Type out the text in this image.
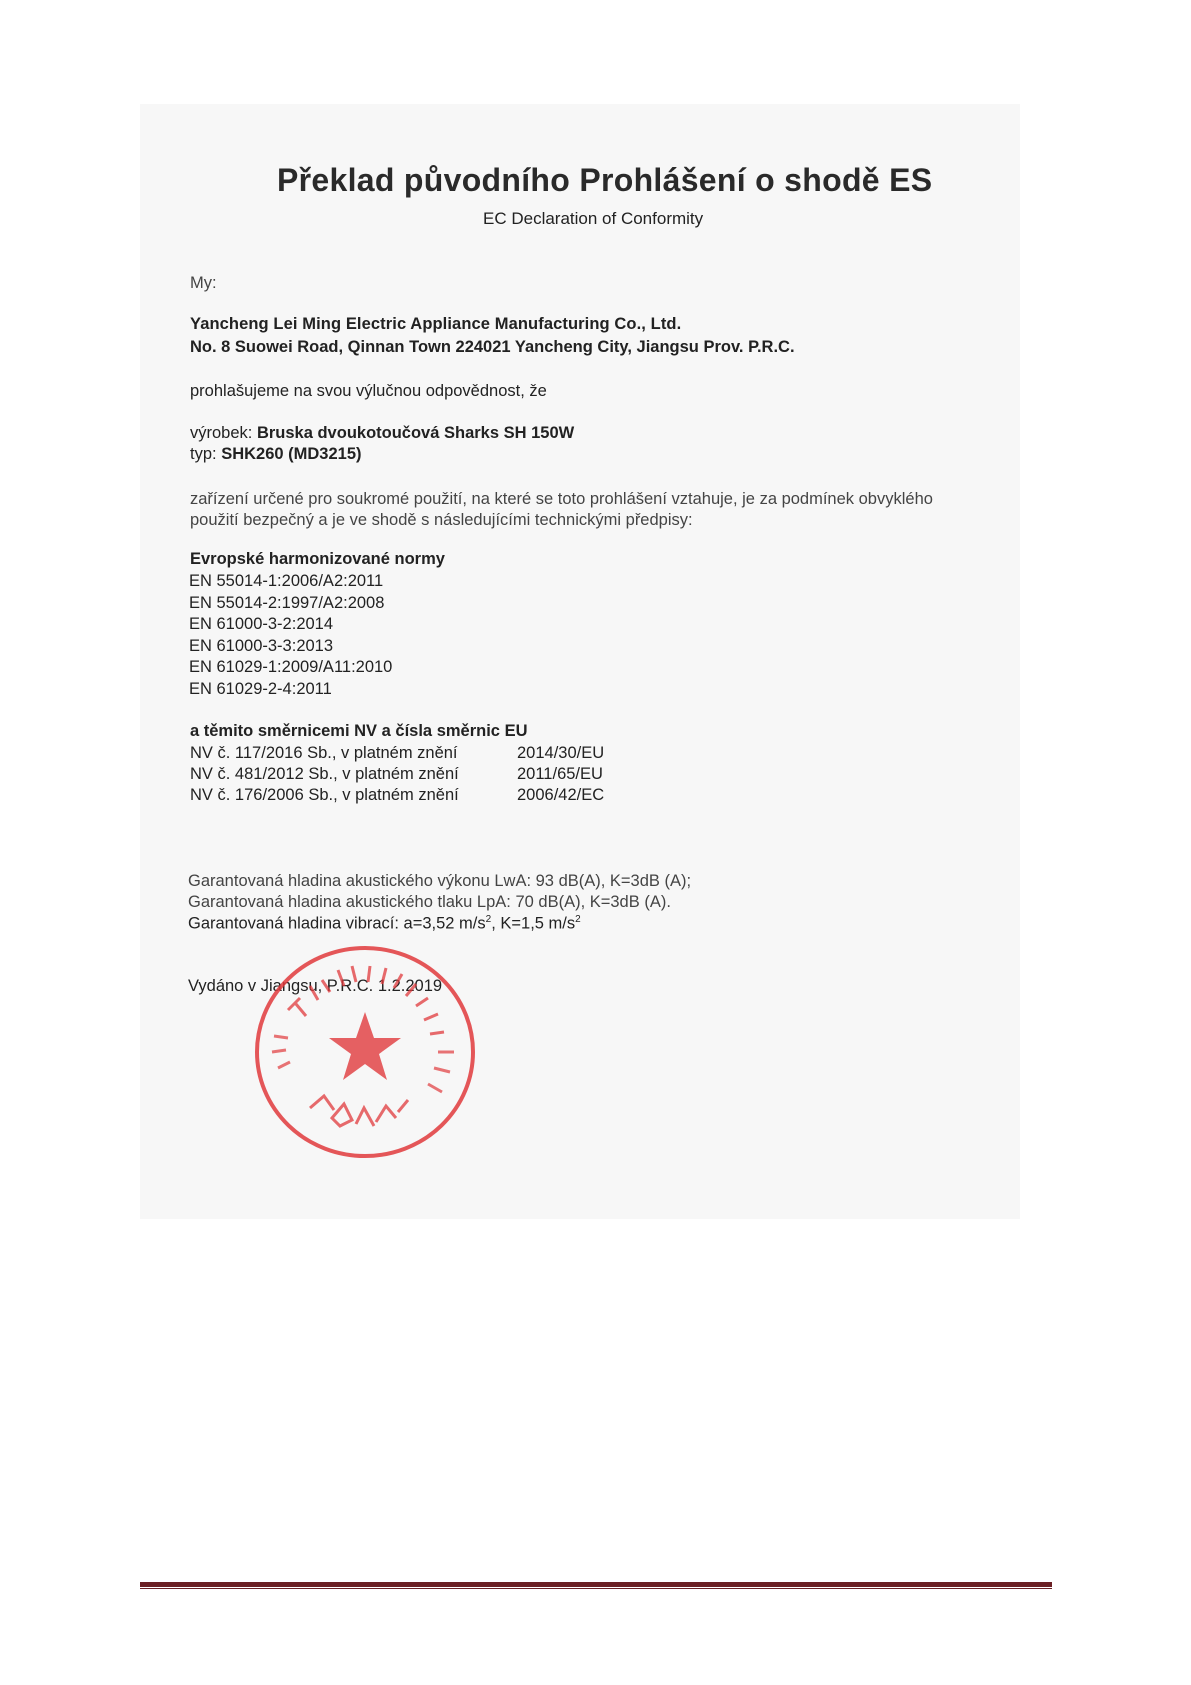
Překlad původního Prohlášení o shodě ES
EC Declaration of Conformity
My:
Yancheng Lei Ming Electric Appliance Manufacturing Co., Ltd.
No. 8 Suowei Road, Qinnan Town 224021 Yancheng City, Jiangsu Prov. P.R.C.
prohlašujeme na svou výlučnou odpovědnost, že
výrobek: Bruska dvoukotoučová Sharks SH 150W
typ: SHK260 (MD3215)
zařízení určené pro soukromé použití, na které se toto prohlášení vztahuje, je za podmínek obvyklého
použití bezpečný a je ve shodě s následujícími technickými předpisy:
Evropské harmonizované normy
EN 55014-1:2006/A2:2011
EN 55014-2:1997/A2:2008
EN 61000-3-2:2014
EN 61000-3-3:2013
EN 61029-1:2009/A11:2010
EN 61029-2-4:2011
a těmito směrnicemi NV a čísla směrnic EU
NV č. 117/2016 Sb., v platném znění	2014/30/EU
NV č. 481/2012 Sb., v platném znění	2011/65/EU
NV č. 176/2006 Sb., v platném znění	2006/42/EC
Garantovaná hladina akustického výkonu LwA: 93 dB(A), K=3dB (A);
Garantovaná hladina akustického tlaku LpA: 70 dB(A), K=3dB (A).
Garantovaná hladina vibrací: a=3,52 $m/s^2$, K=1,5 $m/s^2$
Vydáno v Jiangsu, P.R.C. 1.2.2019
